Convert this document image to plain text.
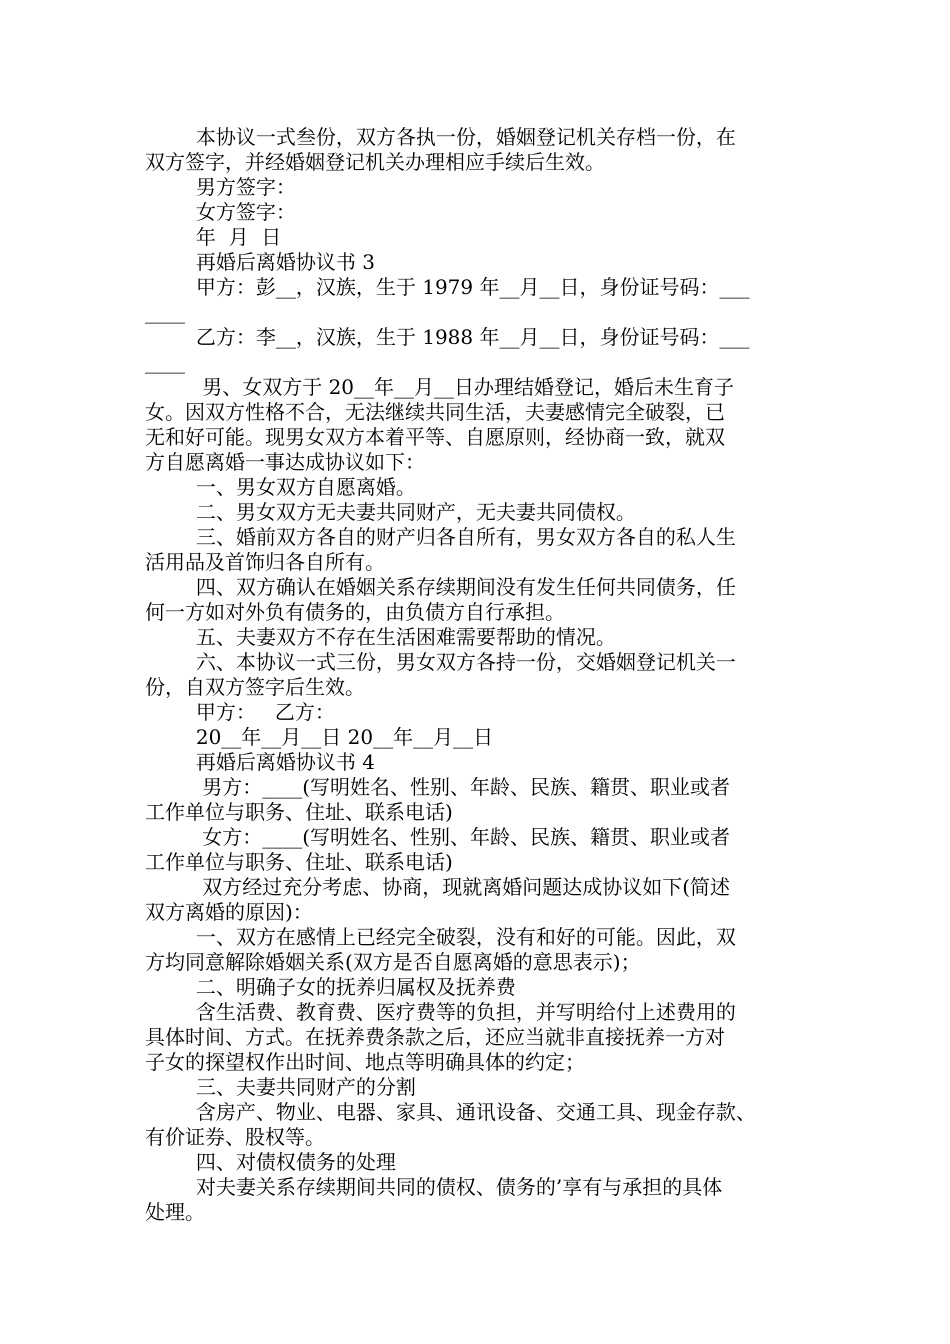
本协议一式叁份，双方各执一份，婚姻登记机关存档一份，在
双方签字，并经婚姻登记机关办理相应手续后生效。
男方签字：
女方签字：
年  月  日
再婚后离婚协议书 3
甲方：彭__，汉族，生于 1979 年__月__日，身份证号码：___
____
乙方：李__，汉族，生于 1988 年__月__日，身份证号码：___
____
男、女双方于 20__年__月__日办理结婚登记，婚后未生育子
女。因双方性格不合，无法继续共同生活，夫妻感情完全破裂，已
无和好可能。现男女双方本着平等、自愿原则，经协商一致，就双
方自愿离婚一事达成协议如下：
一、男女双方自愿离婚。
二、男女双方无夫妻共同财产，无夫妻共同债权。
三、婚前双方各自的财产归各自所有，男女双方各自的私人生
活用品及首饰归各自所有。
四、双方确认在婚姻关系存续期间没有发生任何共同债务，任
何一方如对外负有债务的，由负债方自行承担。
五、夫妻双方不存在生活困难需要帮助的情况。
六、本协议一式三份，男女双方各持一份，交婚姻登记机关一
份，自双方签字后生效。
甲方：   乙方：
20__年__月__日 20__年__月__日
再婚后离婚协议书 4
男方：____(写明姓名、性别、年龄、民族、籍贯、职业或者
工作单位与职务、住址、联系电话)
女方：____(写明姓名、性别、年龄、民族、籍贯、职业或者
工作单位与职务、住址、联系电话)
双方经过充分考虑、协商，现就离婚问题达成协议如下(简述
双方离婚的原因)：
一、双方在感情上已经完全破裂，没有和好的可能。因此，双
方均同意解除婚姻关系(双方是否自愿离婚的意思表示)；
二、明确子女的抚养归属权及抚养费
含生活费、教育费、医疗费等的负担，并写明给付上述费用的
具体时间、方式。在抚养费条款之后，还应当就非直接抚养一方对
子女的探望权作出时间、地点等明确具体的约定；
三、夫妻共同财产的分割
含房产、物业、电器、家具、通讯设备、交通工具、现金存款、
有价证券、股权等。
四、对债权债务的处理
对夫妻关系存续期间共同的债权、债务的’享有与承担的具体
处理。
